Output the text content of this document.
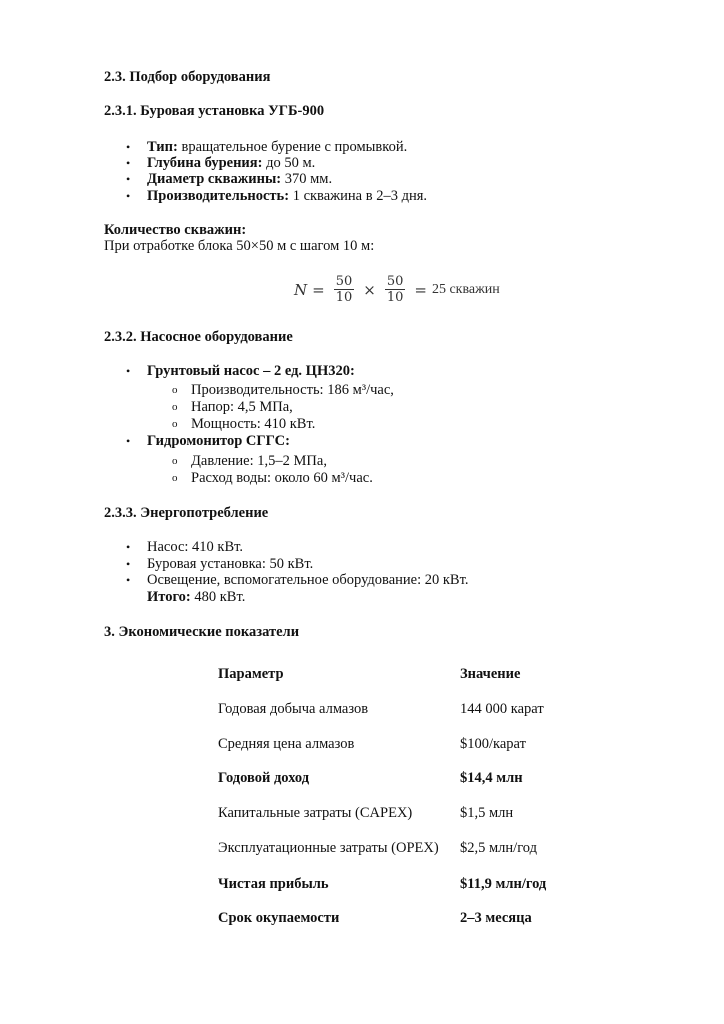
2.3. Подбор оборудования
2.3.1. Буровая установка УГБ-900
• Тип: вращательное бурение с промывкой.
• Глубина бурения: до 50 м.
• Диаметр скважины: 370 мм.
• Производительность: 1 скважина в 2–3 дня.
Количество скважин:
При отработке блока 50×50 м с шагом 10 м:
$N = \frac{50}{10} \times \frac{50}{10} = 25$ скважин
2.3.2. Насосное оборудование
• Грунтовый насос – 2 ед. ЦН320:
o Производительность: 186 м³/час,
o Напор: 4,5 МПа,
o Мощность: 410 кВт.
• Гидромонитор СГГС:
o Давление: 1,5–2 МПа,
o Расход воды: около 60 м³/час.
2.3.3. Энергопотребление
• Насос: 410 кВт.
• Буровая установка: 50 кВт.
• Освещение, вспомогательное оборудование: 20 кВт.
Итого: 480 кВт.
3. Экономические показатели
Параметр	Значение
Годовая добыча алмазов	144 000 карат
Средняя цена алмазов	$100/карат
Годовой доход	$14,4 млн
Капитальные затраты (CAPEX)	$1,5 млн
Эксплуатационные затраты (OPEX) $2,5 млн/год
Чистая прибыль	$11,9 млн/год
Срок окупаемости	2–3 месяца
